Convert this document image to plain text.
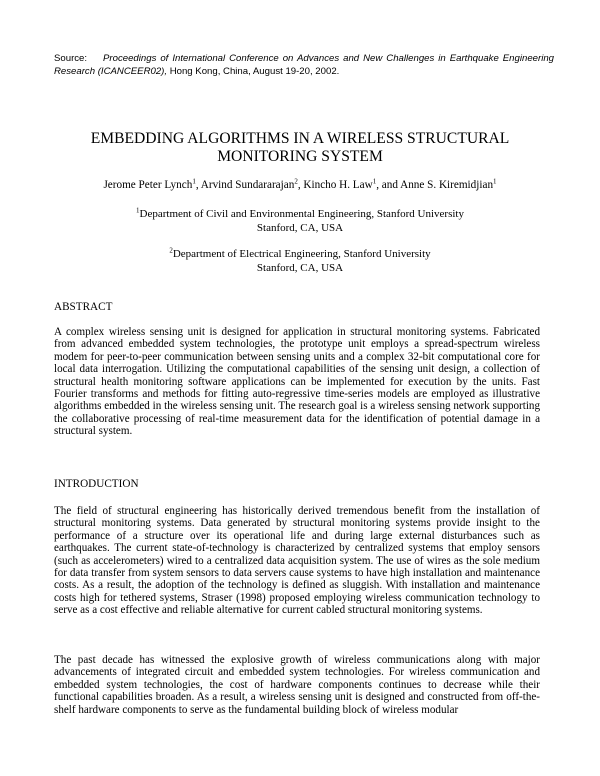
Source: Proceedings of International Conference on Advances and New Challenges in Earthquake Engineering Research (ICANCEER02), Hong Kong, China, August 19-20, 2002.
EMBEDDING ALGORITHMS IN A WIRELESS STRUCTURAL
MONITORING SYSTEM
Jerome Peter Lynch$^1$, Arvind Sundararajan$^2$, Kincho H. Law$^1$, and Anne S. Kiremidjian$^1$
$^1$Department of Civil and Environmental Engineering, Stanford University
Stanford, CA, USA
$^2$Department of Electrical Engineering, Stanford University
Stanford, CA, USA
ABSTRACT

A complex wireless sensing unit is designed for application in structural monitoring systems. Fabricated from advanced embedded system technologies, the prototype unit employs a spread-spectrum wireless modem for peer-to-peer communication between sensing units and a complex 32-bit computational core for local data interrogation. Utilizing the computational capabilities of the sensing unit design, a collection of structural health monitoring software applications can be implemented for execution by the units. Fast Fourier transforms and methods for fitting auto-regressive time-series models are employed as illustrative algorithms embedded in the wireless sensing unit. The research goal is a wireless sensing network supporting the collaborative processing of real-time measurement data for the identification of potential damage in a structural system.

INTRODUCTION

The field of structural engineering has historically derived tremendous benefit from the installation of structural monitoring systems. Data generated by structural monitoring systems provide insight to the performance of a structure over its operational life and during large external disturbances such as earthquakes. The current state-of-technology is characterized by centralized systems that employ sensors (such as accelerometers) wired to a centralized data acquisition system. The use of wires as the sole medium for data transfer from system sensors to data servers cause systems to have high installation and maintenance costs. As a result, the adoption of the technology is defined as sluggish. With installation and maintenance costs high for tethered systems, Straser (1998) proposed employing wireless communication technology to serve as a cost effective and reliable alternative for current cabled structural monitoring systems.

The past decade has witnessed the explosive growth of wireless communications along with major advancements of integrated circuit and embedded system technologies. For wireless communication and embedded system technologies, the cost of hardware components continues to decrease while their functional capabilities broaden. As a result, a wireless sensing unit is designed and constructed from off-the-shelf hardware components to serve as the fundamental building block of wireless modular
